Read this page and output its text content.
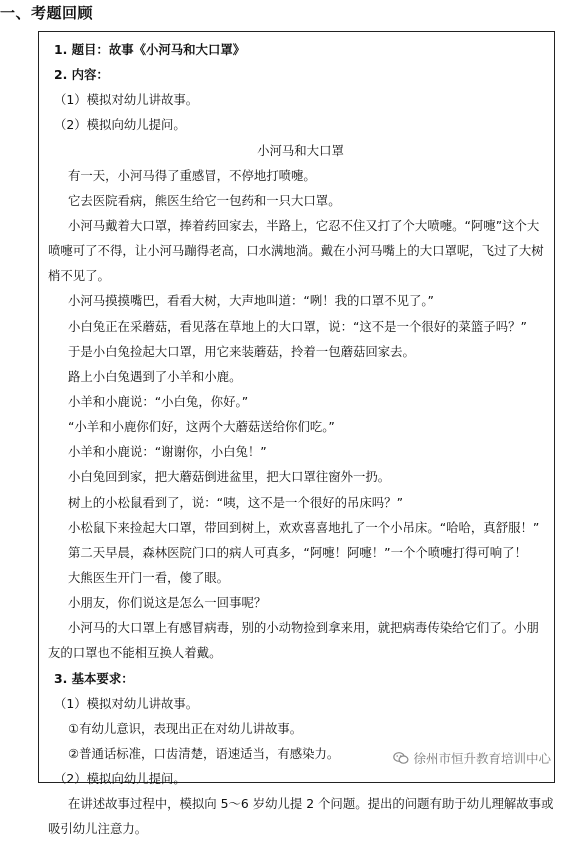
一、考题回顾
1. 题目：故事《小河马和大口罩》
2. 内容：
（1）模拟对幼儿讲故事。
（2）模拟向幼儿提问。
小河马和大口罩
有一天，小河马得了重感冒，不停地打喷嚏。
它去医院看病，熊医生给它一包药和一只大口罩。
小河马戴着大口罩，捧着药回家去，半路上，它忍不住又打了个大喷嚏。“阿嚏”这个大
喷嚏可了不得，让小河马蹦得老高，口水满地淌。戴在小河马嘴上的大口罩呢，飞过了大树
梢不见了。
小河马摸摸嘴巴，看看大树，大声地叫道：“咧！我的口罩不见了。”
小白兔正在采蘑菇，看见落在草地上的大口罩，说：“这不是一个很好的菜篮子吗？”
于是小白兔捡起大口罩，用它来装蘑菇，拎着一包蘑菇回家去。
路上小白兔遇到了小羊和小鹿。
小羊和小鹿说：“小白兔，你好。”
“小羊和小鹿你们好，这两个大蘑菇送给你们吃。”
小羊和小鹿说：“谢谢你，小白兔！”
小白兔回到家，把大蘑菇倒进盆里，把大口罩往窗外一扔。
树上的小松鼠看到了，说：“咦，这不是一个很好的吊床吗？”
小松鼠下来捡起大口罩，带回到树上，欢欢喜喜地扎了一个小吊床。“哈哈，真舒服！”
第二天早晨，森林医院门口的病人可真多，“阿嚏！阿嚏！”一个个喷嚏打得可响了！
大熊医生开门一看，傻了眼。
小朋友，你们说这是怎么一回事呢？
小河马的大口罩上有感冒病毒，别的小动物捡到拿来用，就把病毒传染给它们了。小朋
友的口罩也不能相互换人着戴。
3. 基本要求：
（1）模拟对幼儿讲故事。
①有幼儿意识，表现出正在对幼儿讲故事。
②普通话标准，口齿清楚，语速适当，有感染力。
（2）模拟向幼儿提问。
在讲述故事过程中，模拟向 5～6 岁幼儿提 2 个问题。提出的问题有助于幼儿理解故事或
吸引幼儿注意力。
徐州市恒升教育培训中心
